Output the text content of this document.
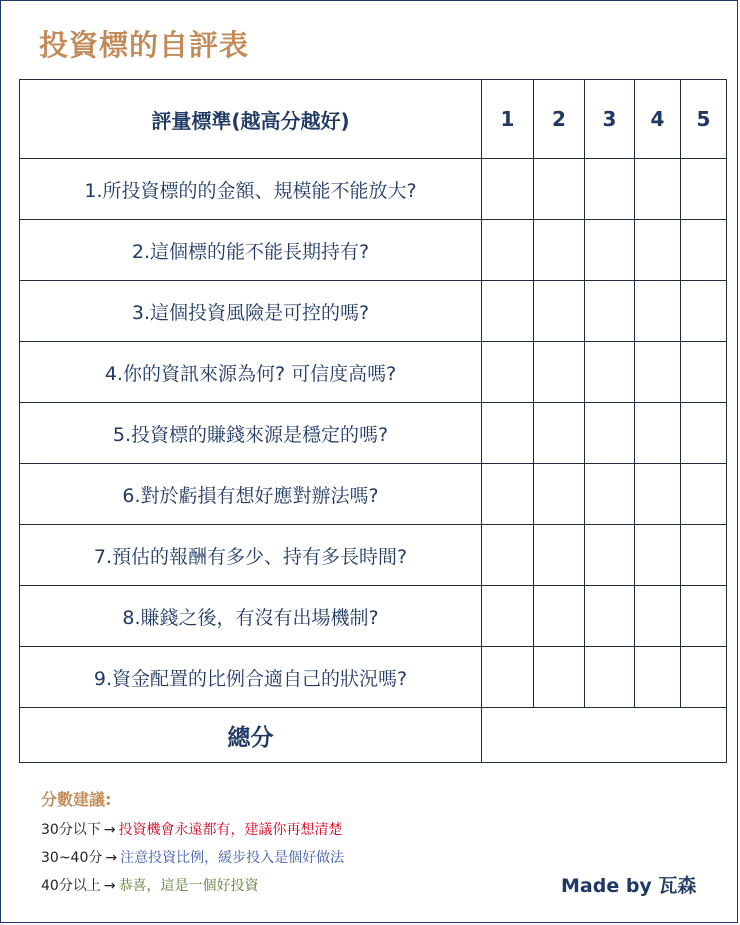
投資標的自評表
評量標準(越高分越好)	1	2	3	4	5
1.所投資標的的金額、規模能不能放大?					
2.這個標的能不能長期持有?					
3.這個投資風險是可控的嗎?					
4.你的資訊來源為何? 可信度高嗎?					
5.投資標的賺錢來源是穩定的嗎?					
6.對於虧損有想好應對辦法嗎?					
7.預估的報酬有多少、持有多長時間?					
8.賺錢之後，有沒有出場機制?					
9.資金配置的比例合適自己的狀況嗎?					
總分					
分數建議:
30分以下 → 投資機會永遠都有，建議你再想清楚
30~40分 → 注意投資比例，緩步投入是個好做法
40分以上 → 恭喜，這是一個好投資	Made by 瓦森
